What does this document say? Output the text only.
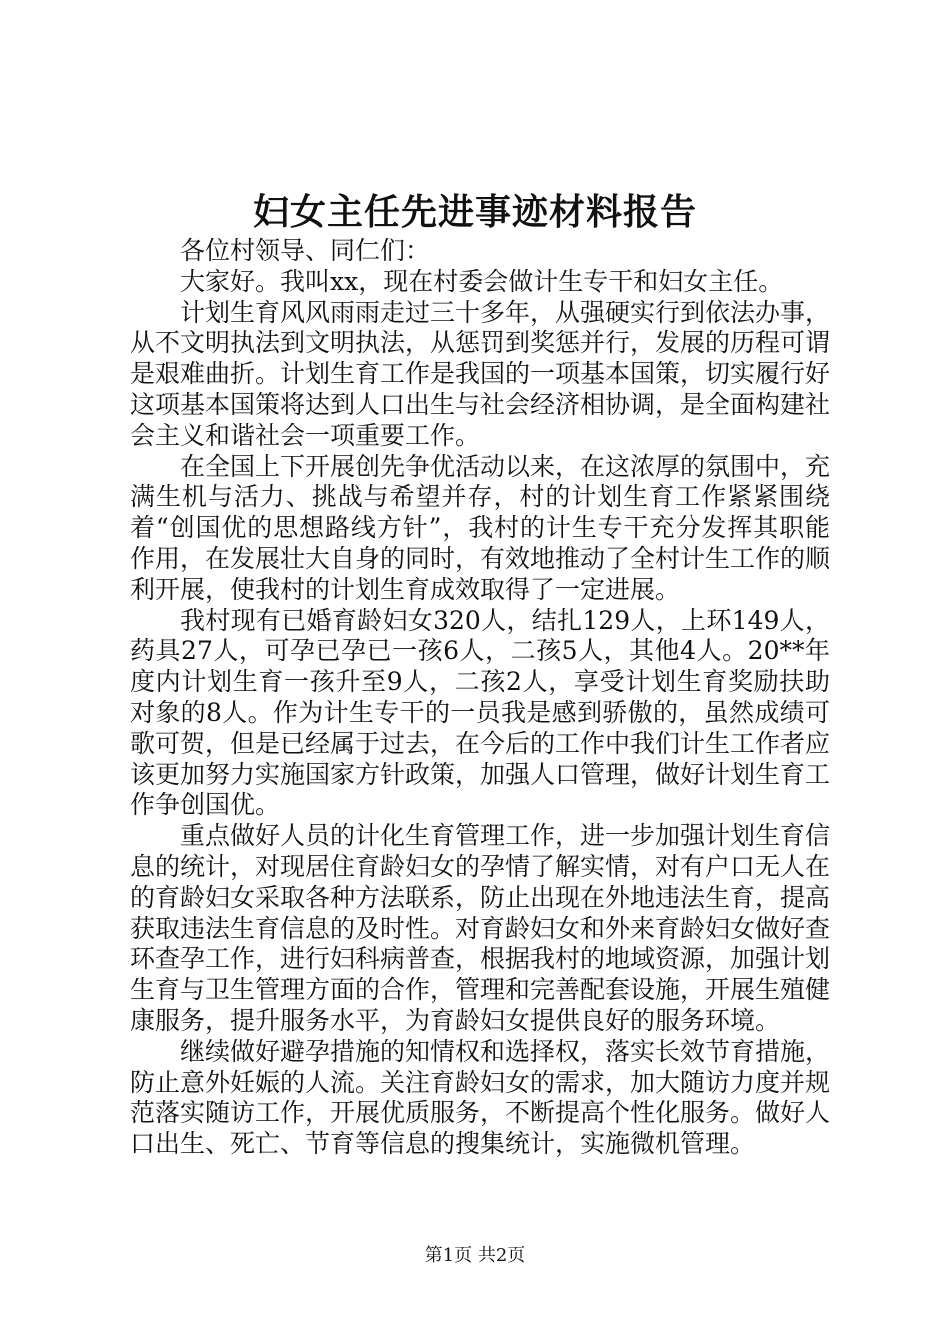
妇女主任先进事迹材料报告

各位村领导、同仁们：

大家好。我叫xx，现在村委会做计生专干和妇女主任。

计划生育风风雨雨走过三十多年，从强硬实行到依法办事，从不文明执法到文明执法，从惩罚到奖惩并行，发展的历程可谓是艰难曲折。计划生育工作是我国的一项基本国策，切实履行好这项基本国策将达到人口出生与社会经济相协调，是全面构建社会主义和谐社会一项重要工作。

在全国上下开展创先争优活动以来，在这浓厚的氛围中，充满生机与活力、挑战与希望并存，村的计划生育工作紧紧围绕着“创国优的思想路线方针”，我村的计生专干充分发挥其职能作用，在发展壮大自身的同时，有效地推动了全村计生工作的顺利开展，使我村的计划生育成效取得了一定进展。

我村现有已婚育龄妇女320人，结扎129人，上环149人，药具27人，可孕已孕已一孩6人，二孩5人，其他4人。20**年度内计划生育一孩升至9人，二孩2人，享受计划生育奖励扶助对象的8人。作为计生专干的一员我是感到骄傲的，虽然成绩可歌可贺，但是已经属于过去，在今后的工作中我们计生工作者应该更加努力实施国家方针政策，加强人口管理，做好计划生育工作争创国优。

重点做好人员的计化生育管理工作，进一步加强计划生育信息的统计，对现居住育龄妇女的孕情了解实情，对有户口无人在的育龄妇女采取各种方法联系，防止出现在外地违法生育，提高获取违法生育信息的及时性。对育龄妇女和外来育龄妇女做好查环查孕工作，进行妇科病普查，根据我村的地域资源，加强计划生育与卫生管理方面的合作，管理和完善配套设施，开展生殖健康服务，提升服务水平，为育龄妇女提供良好的服务环境。

继续做好避孕措施的知情权和选择权，落实长效节育措施，防止意外妊娠的人流。关注育龄妇女的需求，加大随访力度并规范落实随访工作，开展优质服务，不断提高个性化服务。做好人口出生、死亡、节育等信息的搜集统计，实施微机管理。

第1页 共2页
